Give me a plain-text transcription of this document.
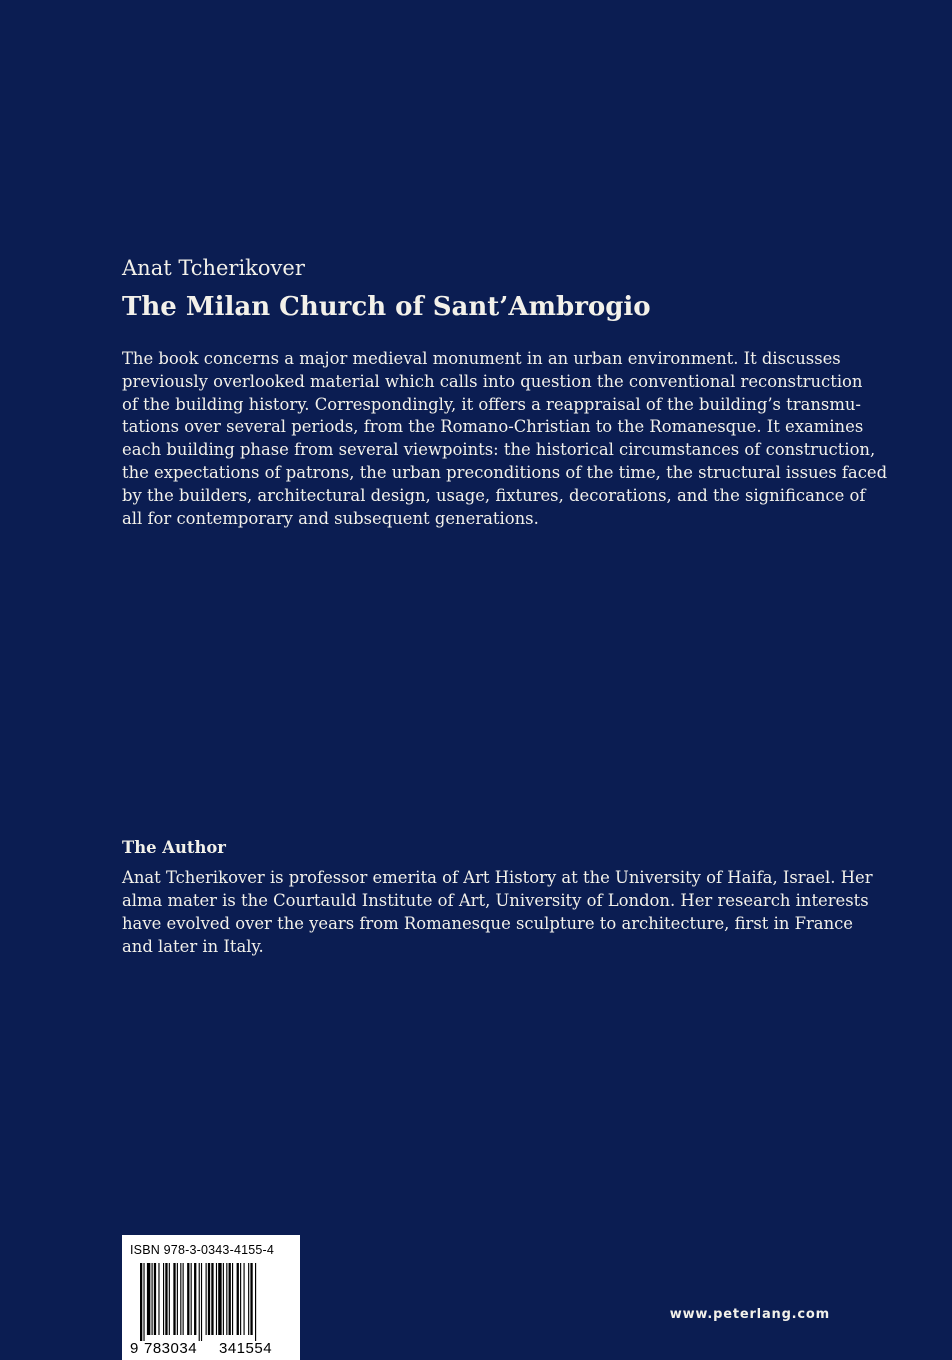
Anat Tcherikover
The Milan Church of Sant’Ambrogio

The book concerns a major medieval monument in an urban environment. It discusses
previously overlooked material which calls into question the conventional reconstruction
of the building history. Correspondingly, it offers a reappraisal of the building’s transmu-
tations over several periods, from the Romano-Christian to the Romanesque. It examines
each building phase from several viewpoints: the historical circumstances of construction,
the expectations of patrons, the urban preconditions of the time, the structural issues faced
by the builders, architectural design, usage, fixtures, decorations, and the significance of
all for contemporary and subsequent generations.

The Author

Anat Tcherikover is professor emerita of Art History at the University of Haifa, Israel. Her
alma mater is the Courtauld Institute of Art, University of London. Her research interests
have evolved over the years from Romanesque sculpture to architecture, first in France
and later in Italy.

ISBN 978-3-0343-4155-4
9 783034 341554
www.peterlang.com
